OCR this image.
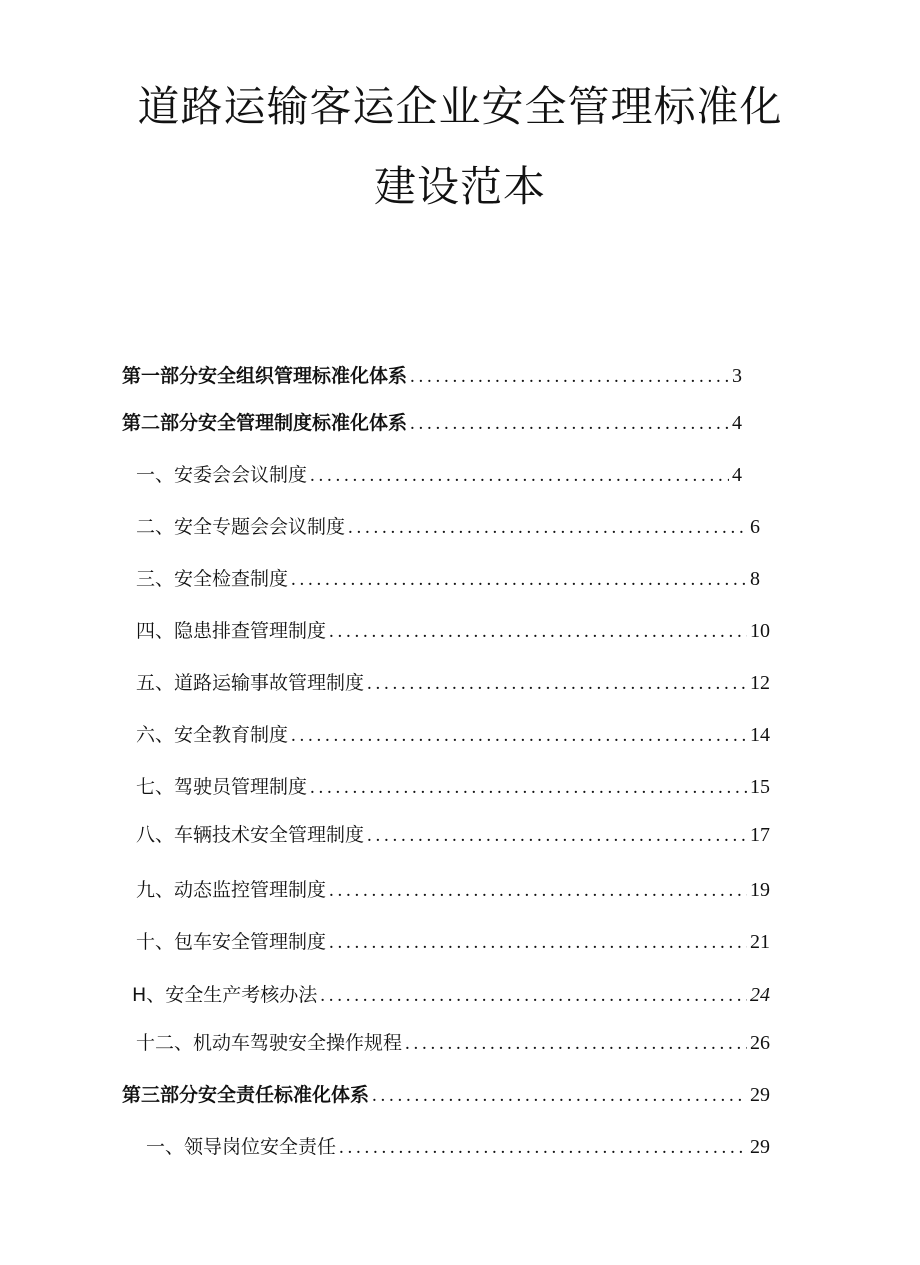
道路运输客运企业安全管理标准化
建设范本
第一部分安全组织管理标准化体系 . . .	3
第二部分安全管理制度标准化体系 . . .	4
一、安委会会议制度 . . .	4
二、安全专题会会议制度 . . .	6
三、安全检查制度 . . .	8
四、隐患排查管理制度 . . .	10
五、道路运输事故管理制度 . . .	12
六、安全教育制度 . . .	14
七、驾驶员管理制度 . . .	15
八、车辆技术安全管理制度 . . .	17
九、动态监控管理制度 . . .	19
十、包车安全管理制度 . . .	21
H、安全生产考核办法 . . .	24
十二、机动车驾驶安全操作规程 . . .	26
第三部分安全责任标准化体系 . . .	29
一、领导岗位安全责任 . . .	29
